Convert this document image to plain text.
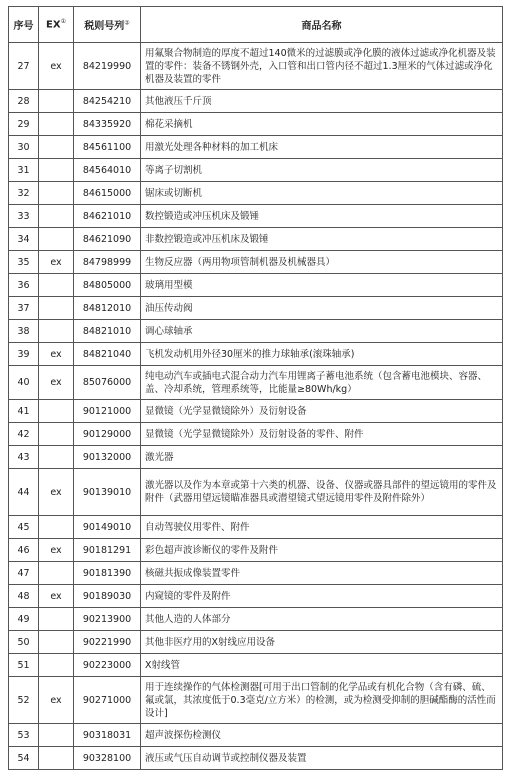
序号	EX①	税则号列②	商品名称
27	ex	84219990	用氟聚合物制造的厚度不超过140微米的过滤膜或净化膜的液体过滤或净化机器及装置的零件：装备不锈钢外壳，入口管和出口管内径不超过1.3厘米的气体过滤或净化机器及装置的零件
28		84254210	其他液压千斤顶
29		84335920	棉花采摘机
30		84561100	用激光处理各种材料的加工机床
31		84564010	等离子切割机
32		84615000	锯床或切断机
33		84621010	数控锻造或冲压机床及锻锤
34		84621090	非数控锻造或冲压机床及锻锤
35	ex	84798999	生物反应器（两用物项管制机器及机械器具）
36		84805000	玻璃用型模
37		84812010	油压传动阀
38		84821010	调心球轴承
39	ex	84821040	飞机发动机用外径30厘米的推力球轴承(滚珠轴承)
40	ex	85076000	纯电动汽车或插电式混合动力汽车用锂离子蓄电池系统（包含蓄电池模块、容器、盖、冷却系统，管理系统等，比能量≥80Wh/kg）
41		90121000	显微镜（光学显微镜除外）及衍射设备
42		90129000	显微镜（光学显微镜除外）及衍射设备的零件、附件
43		90132000	激光器
44	ex	90139010	激光器以及作为本章或第十六类的机器、设备、仪器或器具部件的望远镜用的零件及附件（武器用望远镜瞄准器具或潜望镜式望远镜用零件及附件除外）
45		90149010	自动驾驶仪用零件、附件
46	ex	90181291	彩色超声波诊断仪的零件及附件
47		90181390	核磁共振成像装置零件
48	ex	90189030	内窥镜的零件及附件
49		90213900	其他人造的人体部分
50		90221990	其他非医疗用的X射线应用设备
51		90223000	X射线管
52	ex	90271000	用于连续操作的气体检测器[可用于出口管制的化学品或有机化合物（含有磷、硫、氟或氯，其浓度低于0.3毫克/立方米）的检测，或为检测受抑制的胆碱酯酶的活性而设计]
53		90318031	超声波探伤检测仪
54		90328100	液压或气压自动调节或控制仪器及装置
